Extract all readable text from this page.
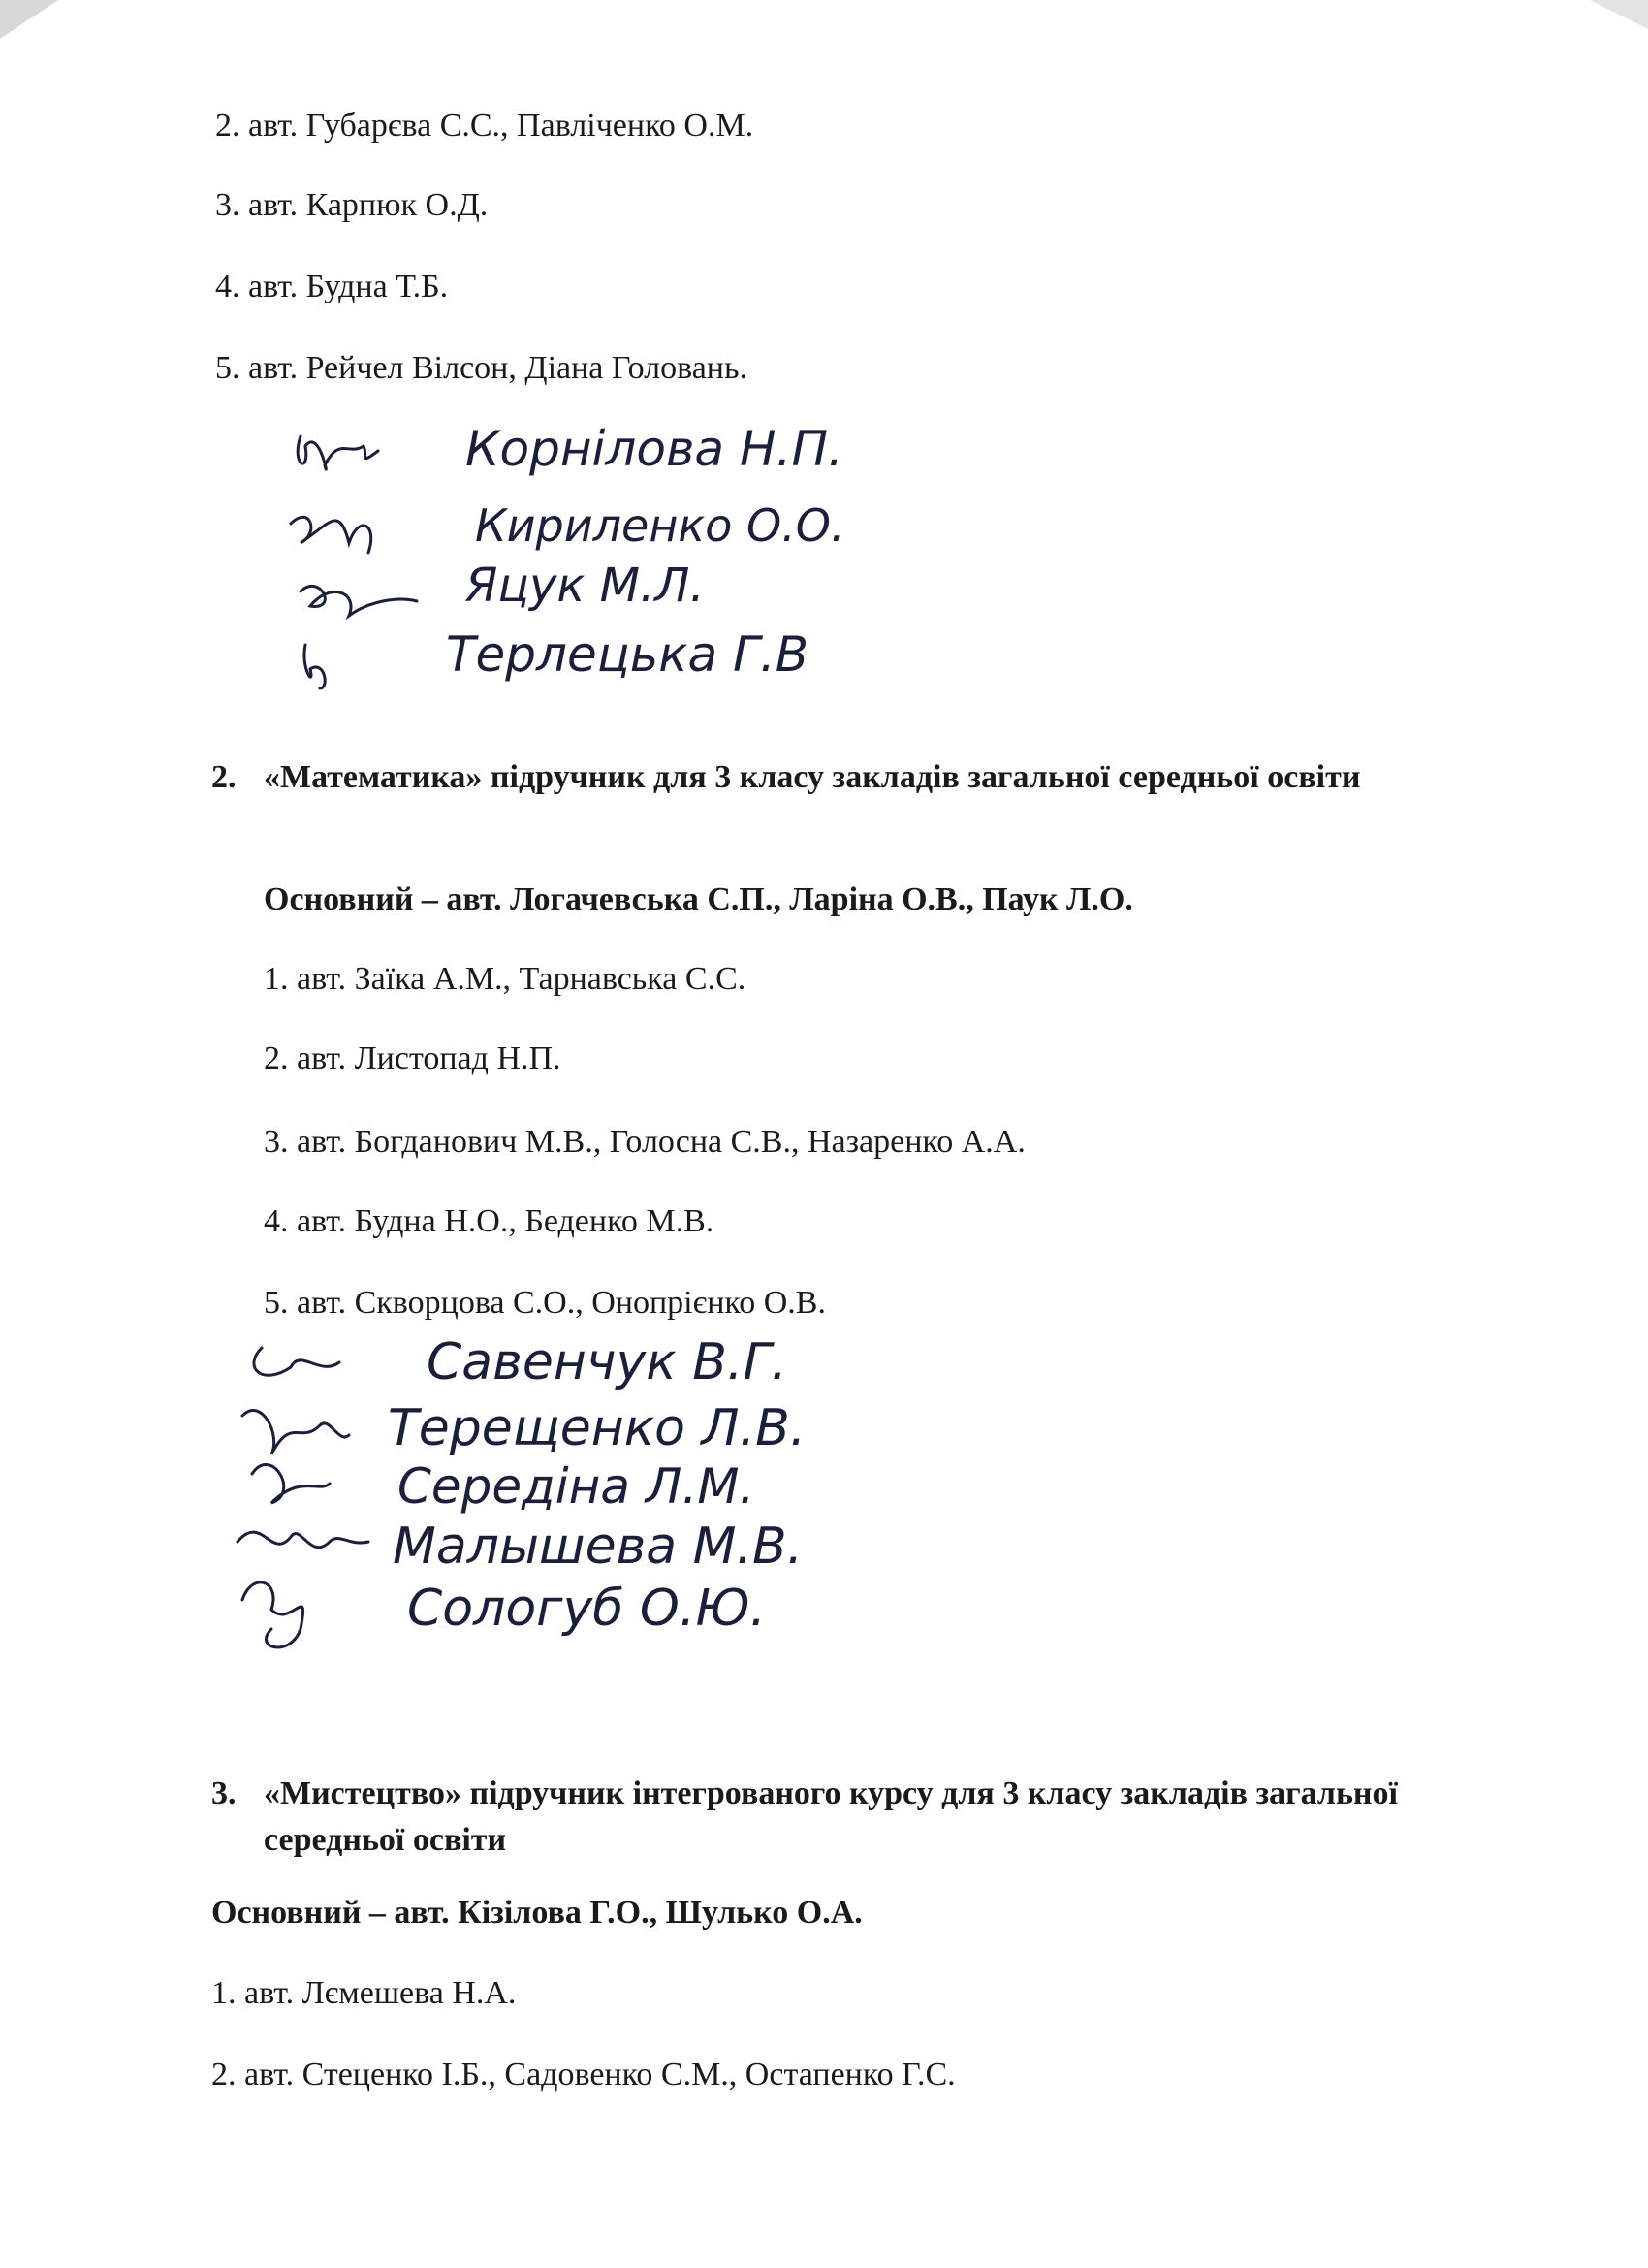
2. авт. Губарєва С.С., Павліченко О.М.
3. авт. Карпюк О.Д.
4. авт. Будна Т.Б.
5. авт. Рейчел Вілсон, Діана Головань.
Корнілова Н.П.
Кириленко О.О.
Яцук М.Л.
Терлецька Г.В
2. «Математика» підручник для 3 класу закладів загальної середньої освіти
Основний – авт. Логачевська С.П., Ларіна О.В., Паук Л.О.
1. авт. Заїка А.М., Тарнавська С.С.
2. авт. Листопад Н.П.
3. авт. Богданович М.В., Голосна С.В., Назаренко А.А.
4. авт. Будна Н.О., Беденко М.В.
5. авт. Скворцова С.О., Онопрієнко О.В.
Савенчук В.Г.
Терещенко Л.В.
Середіна Л.М.
Малышева М.В.
Сологуб О.Ю.
3. «Мистецтво» підручник інтегрованого курсу для 3 класу закладів загальної середньої освіти
Основний – авт. Кізілова Г.О., Шулько О.А.
1. авт. Лємешева Н.А.
2. авт. Стеценко І.Б., Садовенко С.М., Остапенко Г.С.
